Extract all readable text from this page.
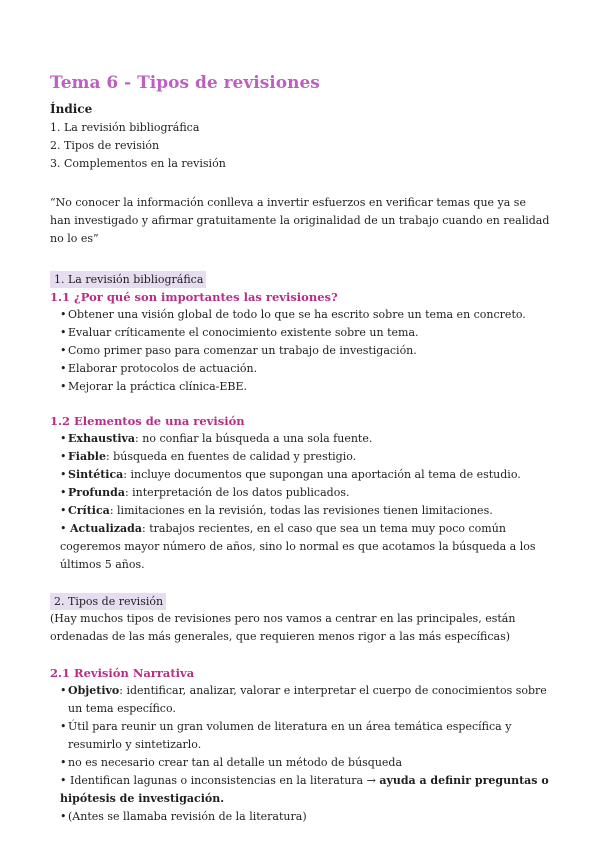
Tema 6 - Tipos de revisiones

Índice

1. La revisión bibliográfica

2. Tipos de revisión

3. Complementos en la revisión

“No conocer la información conlleva a invertir esfuerzos en verificar temas que ya se han investigado y afirmar gratuitamente la originalidad de un trabajo cuando en realidad no lo es”

1. La revisión bibliográfica

1.1 ¿Por qué son importantes las revisiones?

• Obtener una visión global de todo lo que se ha escrito sobre un tema en concreto.
• Evaluar críticamente el conocimiento existente sobre un tema.
• Como primer paso para comenzar un trabajo de investigación.
• Elaborar protocolos de actuación.
• Mejorar la práctica clínica-EBE.

1.2 Elementos de una revisión

• Exhaustiva: no confiar la búsqueda a una sola fuente.
• Fiable: búsqueda en fuentes de calidad y prestigio.
• Sintética: incluye documentos que supongan una aportación al tema de estudio.
• Profunda: interpretación de los datos publicados.
• Crítica: limitaciones en la revisión, todas las revisiones tienen limitaciones.
• Actualizada: trabajos recientes, en el caso que sea un tema muy poco común cogeremos mayor número de años, sino lo normal es que acotamos la búsqueda a los últimos 5 años.
2. Tipos de revisión

(Hay muchos tipos de revisiones pero nos vamos a centrar en las principales, están ordenadas de las más generales, que requieren menos rigor a las más específicas)

2.1 Revisión Narrativa

• Objetivo: identificar, analizar, valorar e interpretar el cuerpo de conocimientos sobre un tema específico.
• Útil para reunir un gran volumen de literatura en un área temática específica y resumirlo y sintetizarlo.
• no es necesario crear tan al detalle un método de búsqueda
• Identifican lagunas o inconsistencias en la literatura → ayuda a definir preguntas o hipótesis de investigación.
• (Antes se llamaba revisión de la literatura)
